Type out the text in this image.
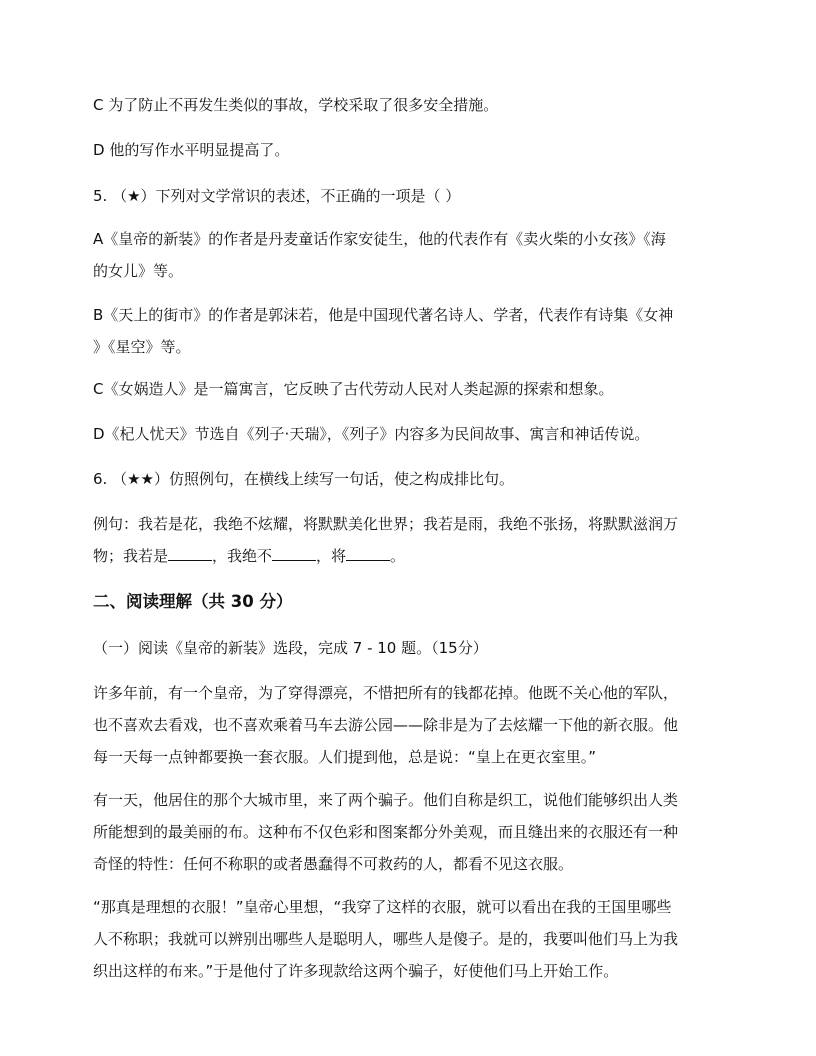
C 为了防止不再发生类似的事故，学校采取了很多安全措施。
D 他的写作水平明显提高了。
5. （★）下列对文学常识的表述，不正确的一项是（ ）
A《皇帝的新装》的作者是丹麦童话作家安徒生，他的代表作有《卖火柴的小女孩》《海
的女儿》等。
B《天上的街市》的作者是郭沫若，他是中国现代著名诗人、学者，代表作有诗集《女神
》《星空》等。
C《女娲造人》是一篇寓言，它反映了古代劳动人民对人类起源的探索和想象。
D《杞人忧天》节选自《列子·天瑞》，《列子》内容多为民间故事、寓言和神话传说。
6. （★★）仿照例句，在横线上续写一句话，使之构成排比句。
例句：我若是花，我绝不炫耀，将默默美化世界；我若是雨，我绝不张扬，将默默滋润万
物；我若是	，我绝不	，将	。
二、阅读理解（共 30 分）
（一）阅读《皇帝的新装》选段，完成 7 - 10 题。（15分）
许多年前，有一个皇帝，为了穿得漂亮，不惜把所有的钱都花掉。他既不关心他的军队，
也不喜欢去看戏，也不喜欢乘着马车去游公园——除非是为了去炫耀一下他的新衣服。他
每一天每一点钟都要换一套衣服。人们提到他，总是说：“皇上在更衣室里。”
有一天，他居住的那个大城市里，来了两个骗子。他们自称是织工，说他们能够织出人类
所能想到的最美丽的布。这种布不仅色彩和图案都分外美观，而且缝出来的衣服还有一种
奇怪的特性：任何不称职的或者愚蠢得不可救药的人，都看不见这衣服。
“那真是理想的衣服！”皇帝心里想，“我穿了这样的衣服，就可以看出在我的王国里哪些
人不称职；我就可以辨别出哪些人是聪明人，哪些人是傻子。是的，我要叫他们马上为我
织出这样的布来。”于是他付了许多现款给这两个骗子，好使他们马上开始工作。
